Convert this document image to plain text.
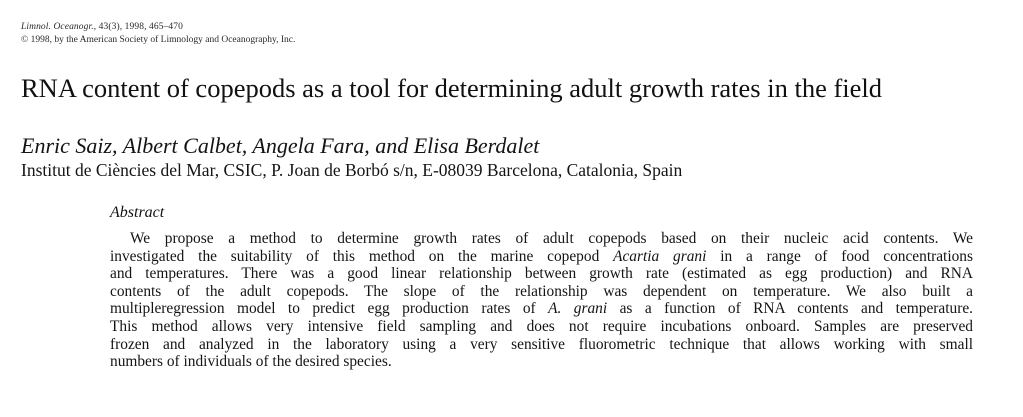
Limnol. Oceanogr., 43(3), 1998, 465–470
© 1998, by the American Society of Limnology and Oceanography, Inc.
RNA content of copepods as a tool for determining adult growth rates in the field
Enric Saiz, Albert Calbet, Angela Fara, and Elisa Berdalet
Institut de Ciències del Mar, CSIC, P. Joan de Borbó s/n, E-08039 Barcelona, Catalonia, Spain
Abstract
We propose a method to determine growth rates of adult copepods based on their nucleic acid contents. We
investigated the suitability of this method on the marine copepod Acartia grani in a range of food concentrations
and temperatures. There was a good linear relationship between growth rate (estimated as egg production) and RNA
contents of the adult copepods. The slope of the relationship was dependent on temperature. We also built a
multipleregression model to predict egg production rates of A. grani as a function of RNA contents and temperature.
This method allows very intensive field sampling and does not require incubations onboard. Samples are preserved
frozen and analyzed in the laboratory using a very sensitive fluorometric technique that allows working with small
numbers of individuals of the desired species.
